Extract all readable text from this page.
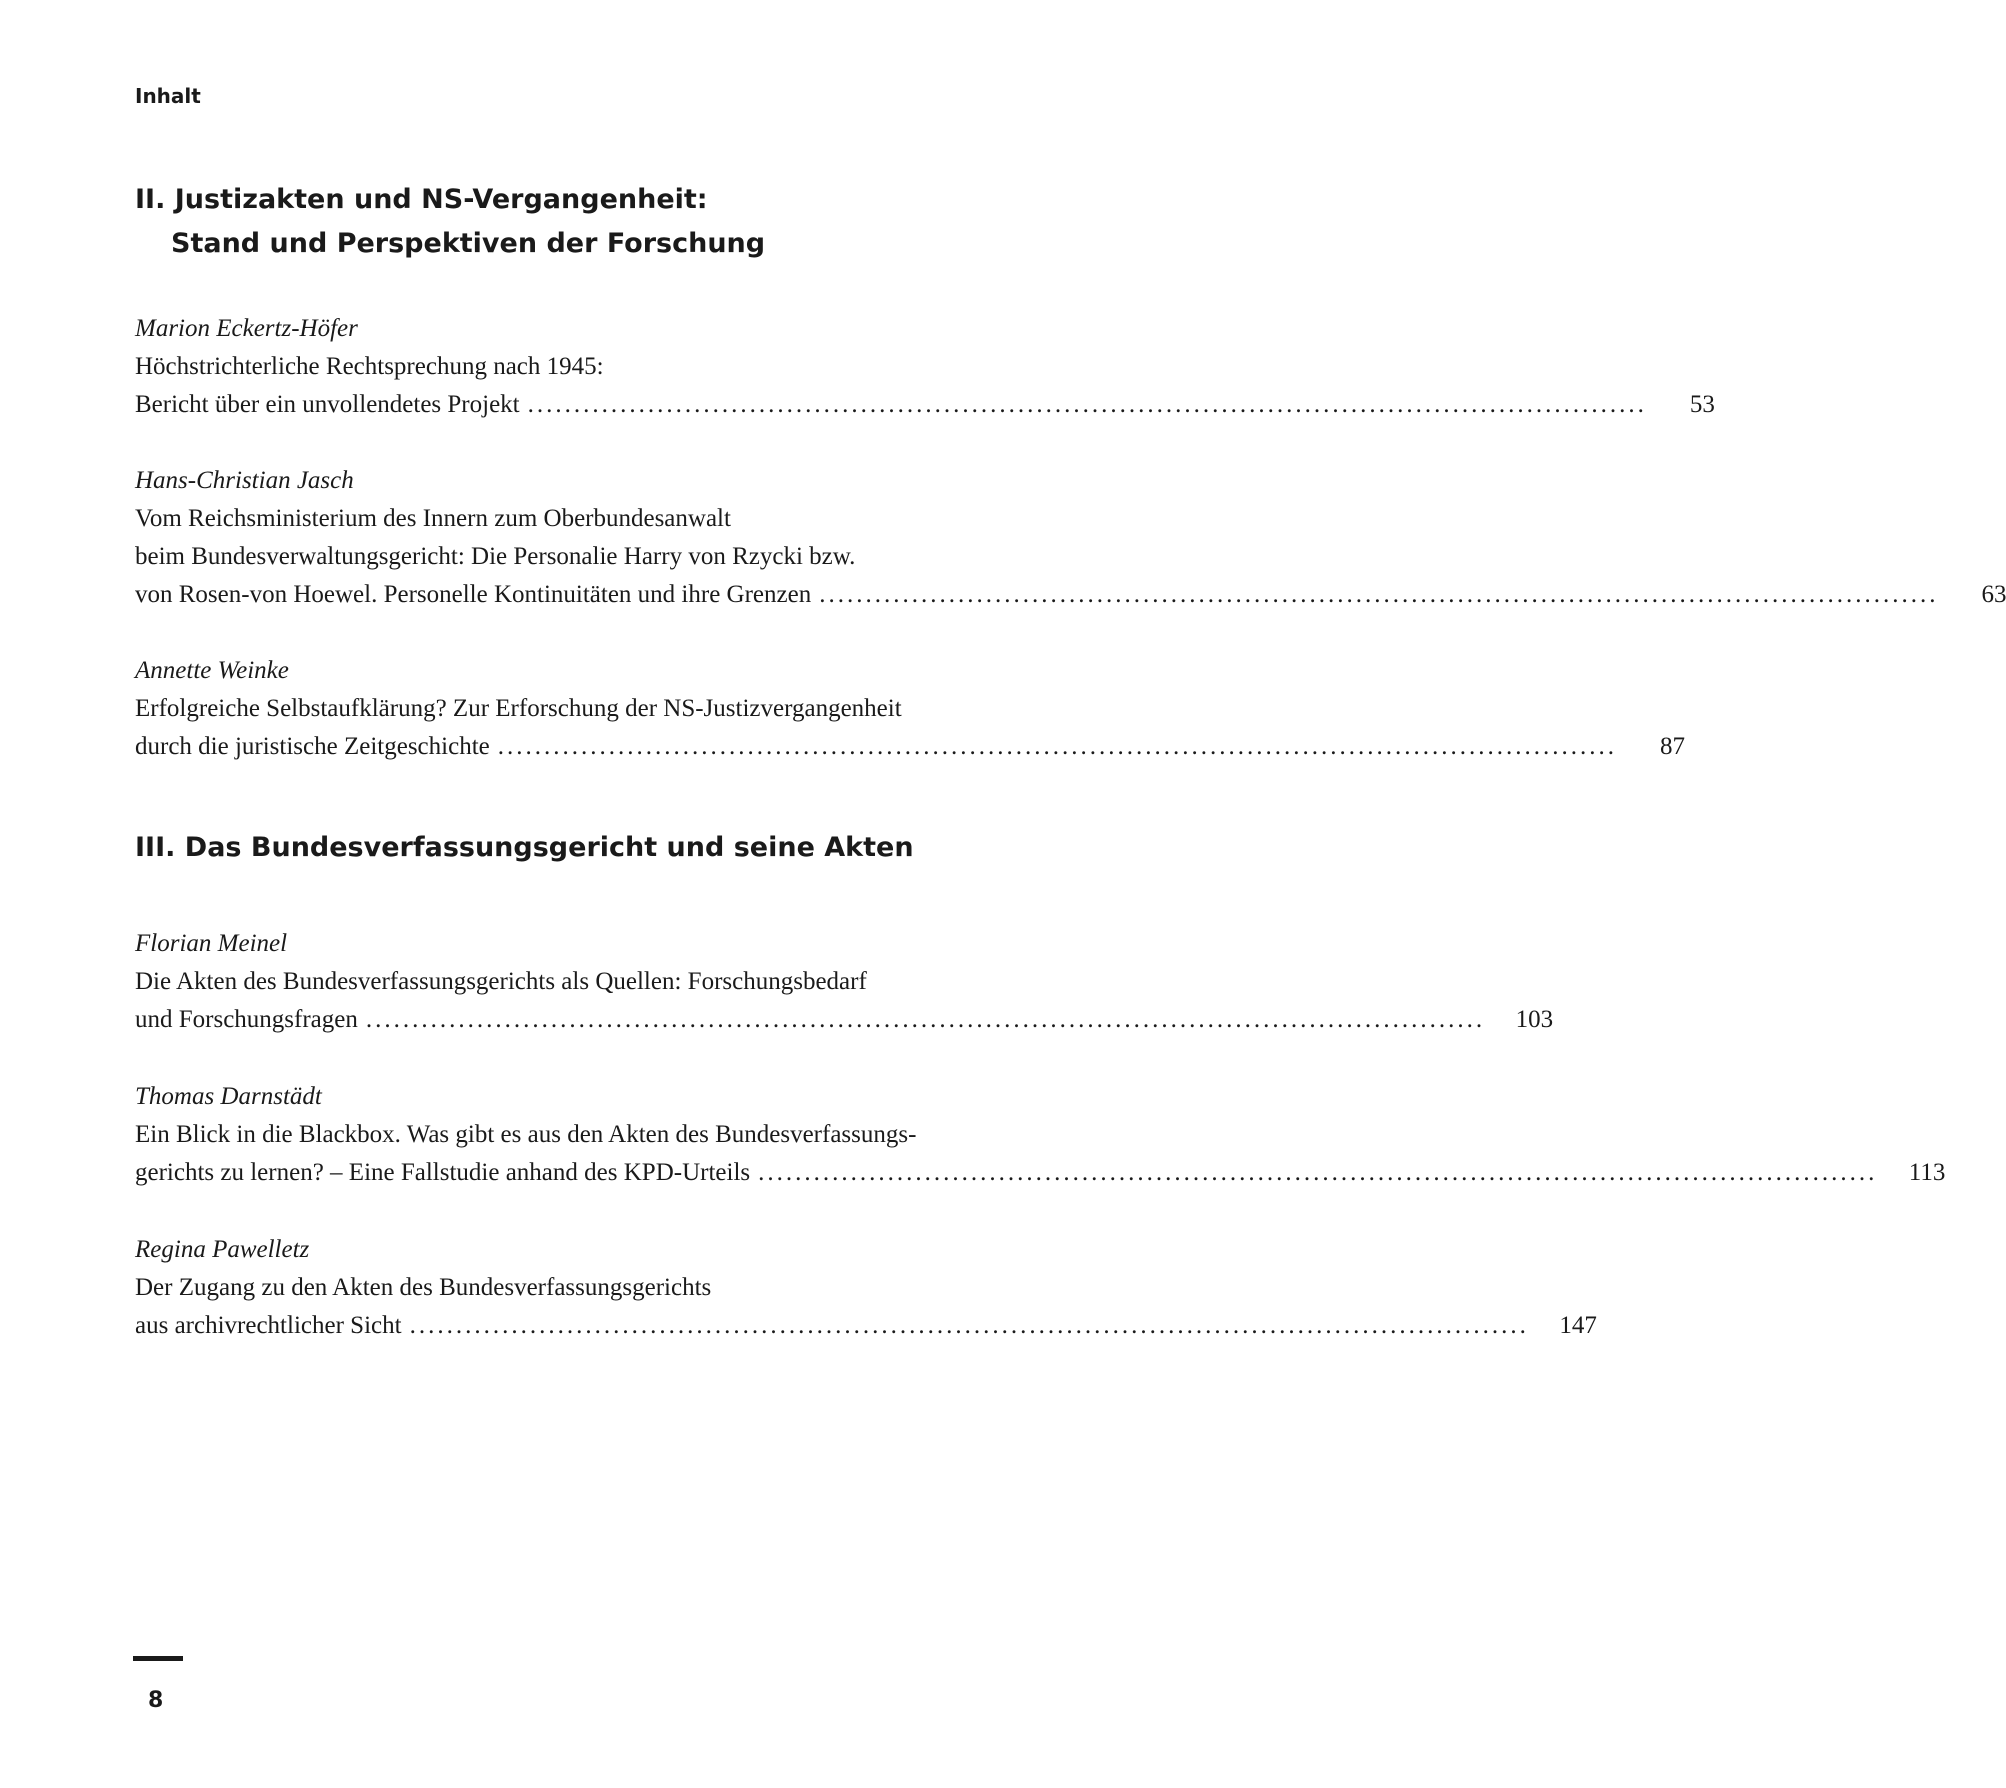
Inhalt
II. Justizakten und NS-Vergangenheit:
Stand und Perspektiven der Forschung
Marion Eckertz-Höfer
Höchstrichterliche Rechtsprechung nach 1945:
Bericht über ein unvollendetes Projekt .........................................................................................................................	53
Hans-Christian Jasch
Vom Reichsministerium des Innern zum Oberbundesanwalt
beim Bundesverwaltungsgericht: Die Personalie Harry von Rzycki bzw.
von Rosen-von Hoewel. Personelle Kontinuitäten und ihre Grenzen .........................................................................................................................	63
Annette Weinke
Erfolgreiche Selbstaufklärung? Zur Erforschung der NS-Justizvergangenheit
durch die juristische Zeitgeschichte .........................................................................................................................	87
III. Das Bundesverfassungsgericht und seine Akten
Florian Meinel
Die Akten des Bundesverfassungsgerichts als Quellen: Forschungsbedarf
und Forschungsfragen .........................................................................................................................	103
Thomas Darnstädt
Ein Blick in die Blackbox. Was gibt es aus den Akten des Bundesverfassungs-
gerichts zu lernen? – Eine Fallstudie anhand des KPD-Urteils .........................................................................................................................	113
Regina Pawelletz
Der Zugang zu den Akten des Bundesverfassungsgerichts
aus archivrechtlicher Sicht .........................................................................................................................	147
8
